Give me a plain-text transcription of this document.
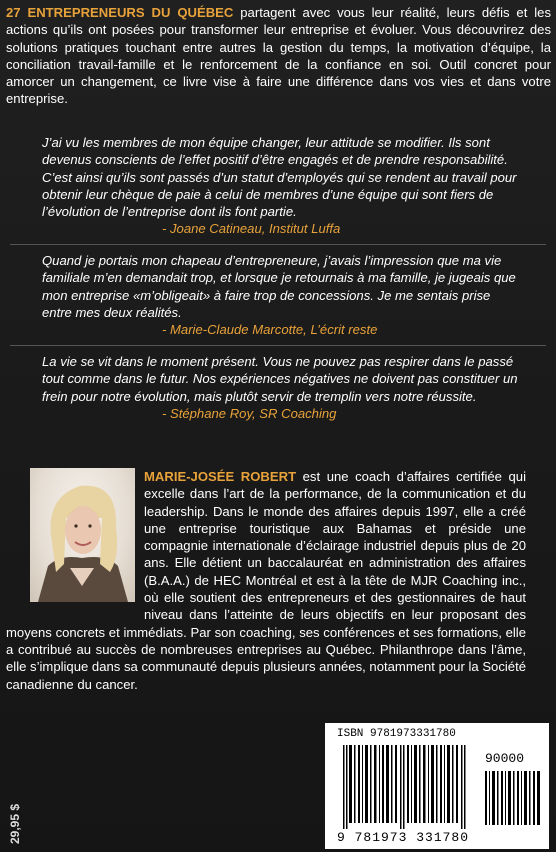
27 ENTREPRENEURS DU QUÉBEC partagent avec vous leur réalité, leurs défis et les actions qu’ils ont posées pour transformer leur entreprise et évoluer. Vous découvrirez des solutions pratiques touchant entre autres la gestion du temps, la motivation d’équipe, la conciliation travail-famille et le renforcement de la confiance en soi. Outil concret pour amorcer un changement, ce livre vise à faire une différence dans vos vies et dans votre entreprise.
J’ai vu les membres de mon équipe changer, leur attitude se modifier. Ils sont devenus conscients de l’effet positif d’être engagés et de prendre responsabilité. C’est ainsi qu’ils sont passés d’un statut d’employés qui se rendent au travail pour obtenir leur chèque de paie à celui de membres d’une équipe qui sont fiers de l’évolution de l’entreprise dont ils font partie.
- Joane Catineau, Institut Luffa
Quand je portais mon chapeau d’entrepreneure, j’avais l’impression que ma vie familiale m’en demandait trop, et lorsque je retournais à ma famille, je jugeais que mon entreprise «m’obligeait» à faire trop de concessions. Je me sentais prise entre mes deux réalités.
- Marie-Claude Marcotte, L’écrit reste
La vie se vit dans le moment présent. Vous ne pouvez pas respirer dans le passé tout comme dans le futur. Nos expériences négatives ne doivent pas constituer un frein pour notre évolution, mais plutôt servir de tremplin vers notre réussite.
- Stéphane Roy, SR Coaching
MARIE-JOSÉE ROBERT est une coach d’affaires certifiée qui excelle dans l’art de la performance, de la communication et du leadership. Dans le monde des affaires depuis 1997, elle a créé une entreprise touristique aux Bahamas et préside une compagnie internationale d’éclairage industriel depuis plus de 20 ans. Elle détient un baccalauréat en administration des affaires (B.A.A.) de HEC Montréal et est à la tête de MJR Coaching inc., où elle soutient des entrepreneurs et des gestionnaires de haut niveau dans l’atteinte de leurs objectifs en leur proposant des moyens concrets et immédiats. Par son coaching, ses conférences et ses formations, elle a contribué au succès de nombreuses entreprises au Québec. Philanthrope dans l’âme, elle s’implique dans sa communauté depuis plusieurs années, notamment pour la Société canadienne du cancer.
ISBN 9781973331780
90000
9 781973 331780
29,95 $
